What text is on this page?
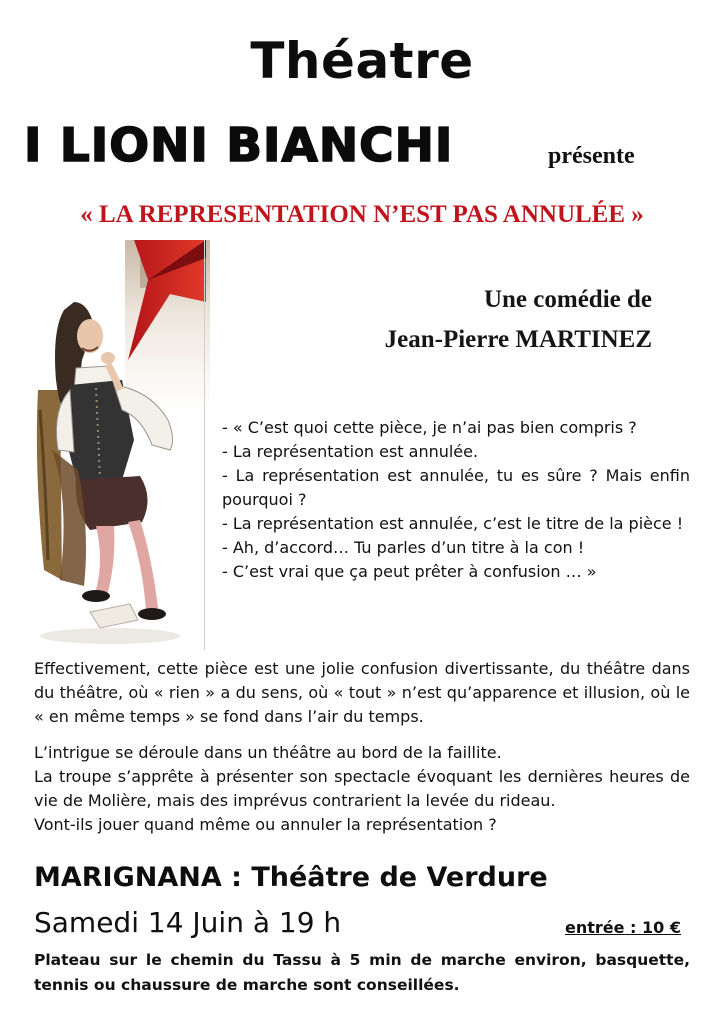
Théatre
I LIONI BIANCHI	présente
« LA REPRESENTATION N’EST PAS ANNULÉE »
Une comédie de
Jean-Pierre MARTINEZ

- « C’est quoi cette pièce, je n’ai pas bien compris ?

- La représentation est annulée.

- La représentation est annulée, tu es sûre ? Mais enfin pourquoi ?

- La représentation est annulée, c’est le titre de la pièce !

- Ah, d’accord… Tu parles d’un titre à la con !

- C’est vrai que ça peut prêter à confusion … »

Effectivement, cette pièce est une jolie confusion divertissante, du théâtre dans du théâtre, où « rien » a du sens, où « tout » n’est qu’apparence et illusion, où le « en même temps » se fond dans l’air du temps.

L’intrigue se déroule dans un théâtre au bord de la faillite.

La troupe s’apprête à présenter son spectacle évoquant les dernières heures de vie de Molière, mais des imprévus contrarient la levée du rideau.

Vont-ils jouer quand même ou annuler la représentation ?

MARIGNANA : Théâtre de Verdure
Samedi 14 Juin à 19 h	entrée : 10 €

Plateau sur le chemin du Tassu à 5 min de marche environ, basquette, tennis ou chaussure de marche sont conseillées.
